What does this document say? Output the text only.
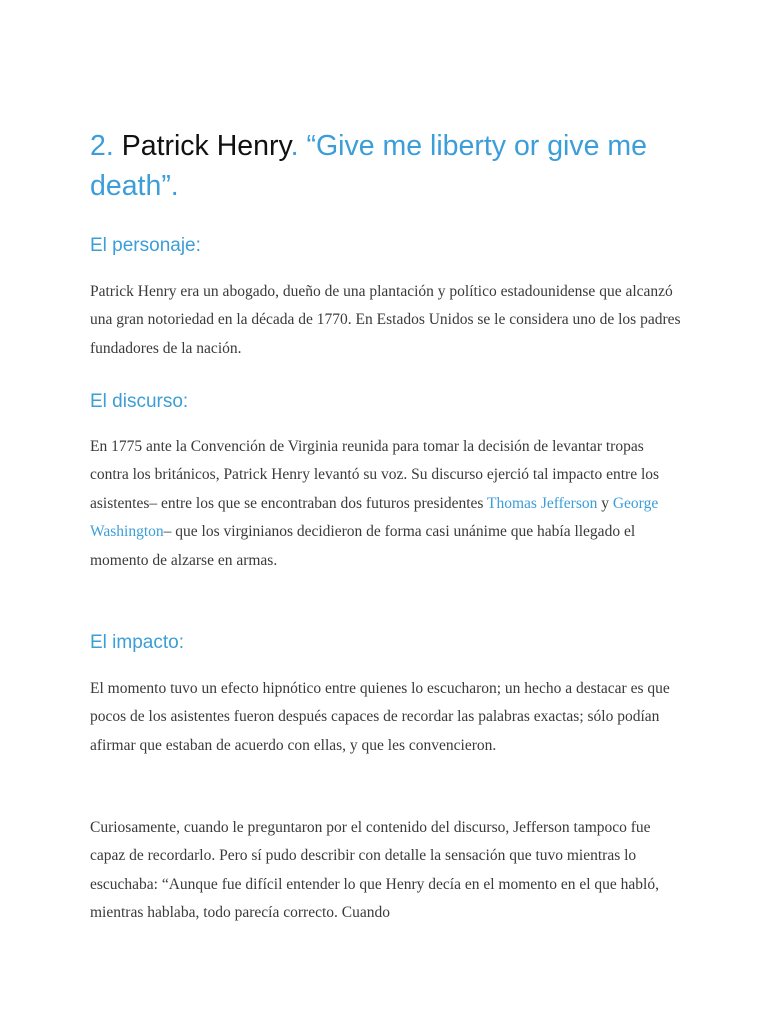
2. Patrick Henry. “Give me liberty or give me death”.
El personaje:

Patrick Henry era un abogado, dueño de una plantación y político estadounidense que alcanzó una gran notoriedad en la década de 1770. En Estados Unidos se le considera uno de los padres fundadores de la nación.

El discurso:

En 1775 ante la Convención de Virginia reunida para tomar la decisión de levantar tropas contra los británicos, Patrick Henry levantó su voz. Su discurso ejerció tal impacto entre los asistentes– entre los que se encontraban dos futuros presidentes Thomas Jefferson y George Washington– que los virginianos decidieron de forma casi unánime que había llegado el momento de alzarse en armas.

El impacto:

El momento tuvo un efecto hipnótico entre quienes lo escucharon; un hecho a destacar es que pocos de los asistentes fueron después capaces de recordar las palabras exactas; sólo podían afirmar que estaban de acuerdo con ellas, y que les convencieron.

Curiosamente, cuando le preguntaron por el contenido del discurso, Jefferson tampoco fue capaz de recordarlo. Pero sí pudo describir con detalle la sensación que tuvo mientras lo escuchaba: “Aunque fue difícil entender lo que Henry decía en el momento en el que habló, mientras hablaba, todo parecía correcto. Cuando
